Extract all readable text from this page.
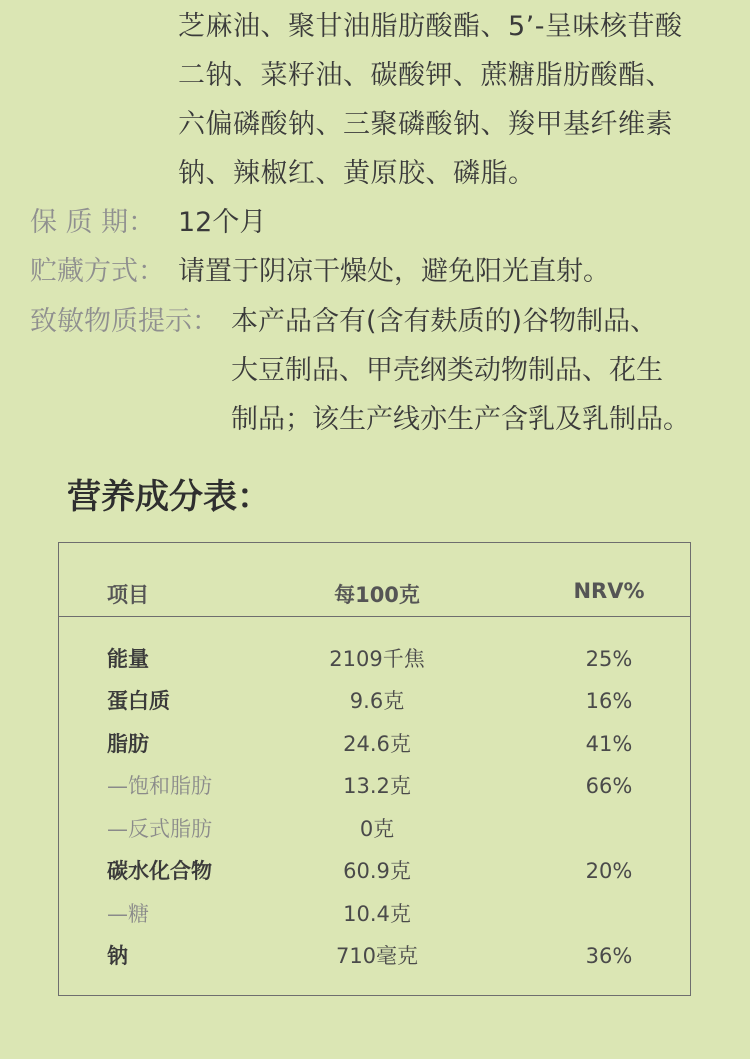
芝麻油、聚甘油脂肪酸酯、5’-呈味核苷酸
二钠、菜籽油、碳酸钾、蔗糖脂肪酸酯、
六偏磷酸钠、三聚磷酸钠、羧甲基纤维素
钠、辣椒红、黄原胶、磷脂。
保 质 期： 12个月
贮藏方式： 请置于阴凉干燥处，避免阳光直射。
致敏物质提示： 本产品含有(含有麸质的)谷物制品、
大豆制品、甲壳纲类动物制品、花生
制品；该生产线亦生产含乳及乳制品。
营养成分表：
项目	每100克	NRV%
能量	2109千焦	25%
蛋白质	9.6克	16%
脂肪	24.6克	41%
—饱和脂肪	13.2克	66%
—反式脂肪	0克
碳水化合物	60.9克	20%
—糖	10.4克
钠	710毫克	36%
